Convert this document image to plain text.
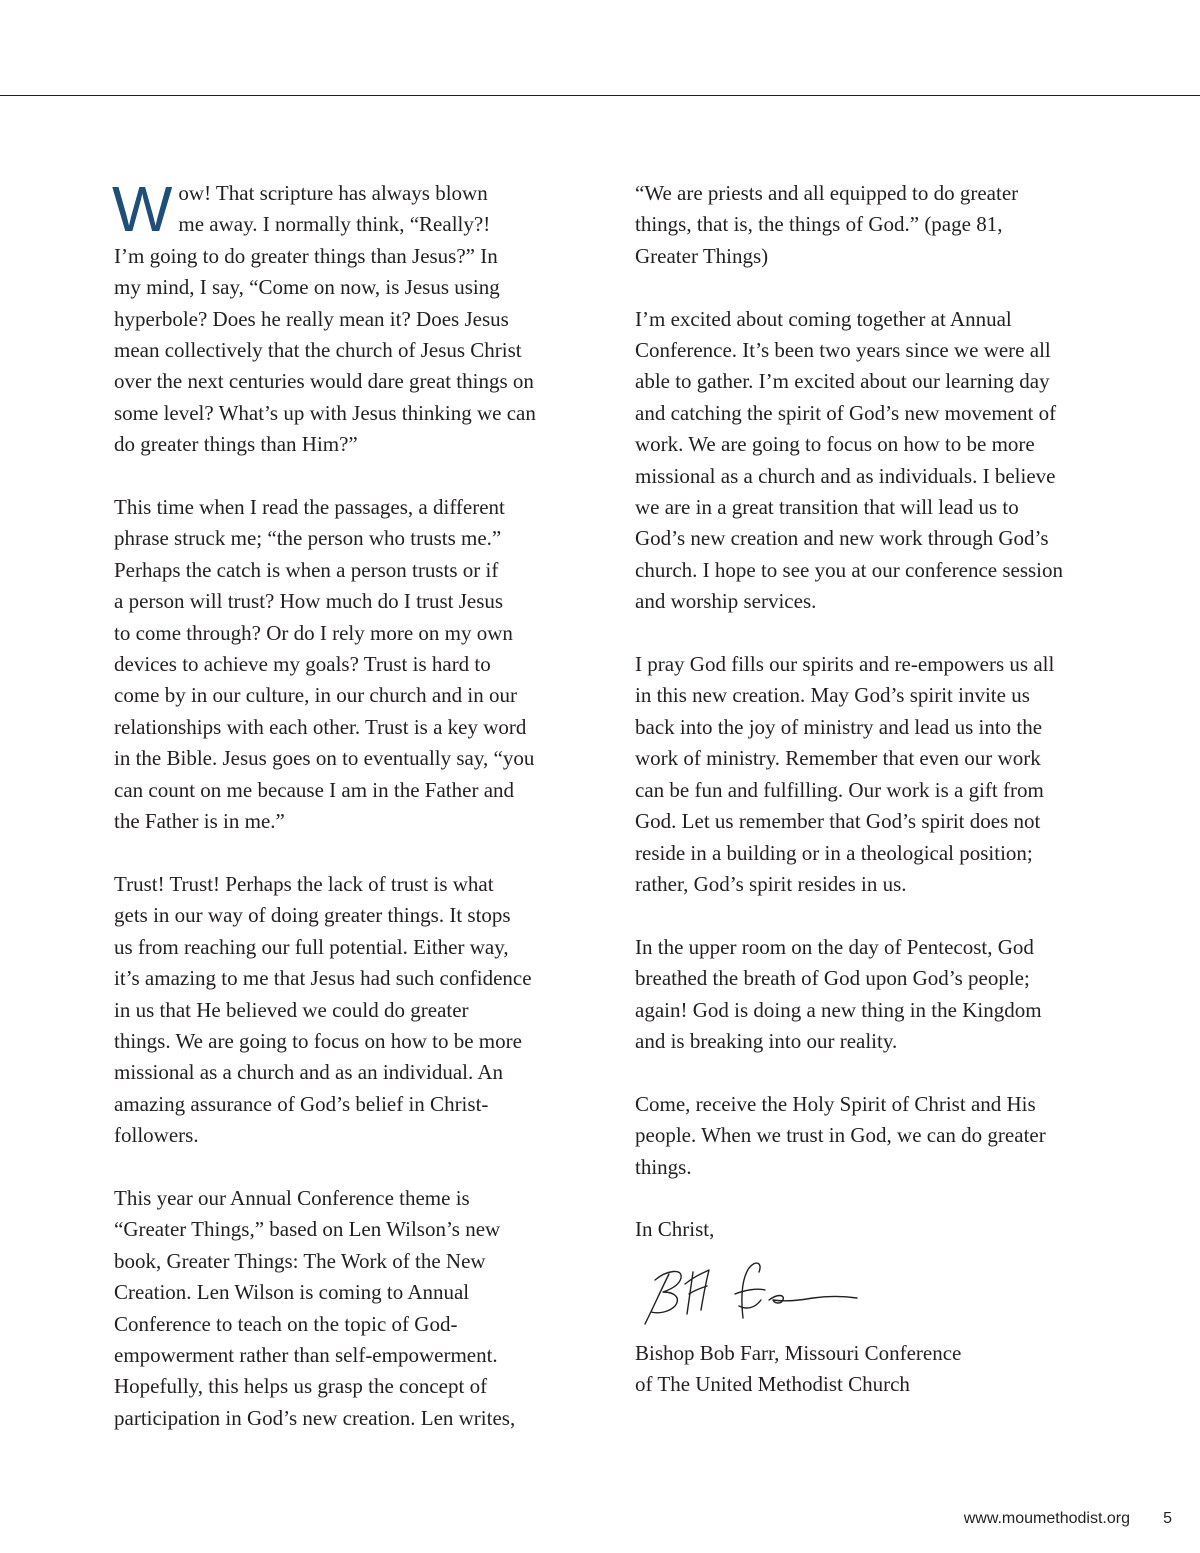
W ow! That scripture has always blown
me away. I normally think, “Really?!
I’m going to do greater things than Jesus?” In
my mind, I say, “Come on now, is Jesus using
hyperbole? Does he really mean it? Does Jesus
mean collectively that the church of Jesus Christ
over the next centuries would dare great things on
some level? What’s up with Jesus thinking we can
do greater things than Him?”

This time when I read the passages, a different
phrase struck me; “the person who trusts me.”
Perhaps the catch is when a person trusts or if
a person will trust? How much do I trust Jesus
to come through? Or do I rely more on my own
devices to achieve my goals? Trust is hard to
come by in our culture, in our church and in our
relationships with each other. Trust is a key word
in the Bible. Jesus goes on to eventually say, “you
can count on me because I am in the Father and
the Father is in me.”

Trust! Trust! Perhaps the lack of trust is what
gets in our way of doing greater things. It stops
us from reaching our full potential. Either way,
it’s amazing to me that Jesus had such confidence
in us that He believed we could do greater
things. We are going to focus on how to be more
missional as a church and as an individual. An
amazing assurance of God’s belief in Christ-
followers.

This year our Annual Conference theme is
“Greater Things,” based on Len Wilson’s new
book, Greater Things: The Work of the New
Creation. Len Wilson is coming to Annual
Conference to teach on the topic of God-
empowerment rather than self-empowerment.
Hopefully, this helps us grasp the concept of
participation in God’s new creation. Len writes,

“We are priests and all equipped to do greater
things, that is, the things of God.” (page 81,
Greater Things)

I’m excited about coming together at Annual
Conference. It’s been two years since we were all
able to gather. I’m excited about our learning day
and catching the spirit of God’s new movement of
work. We are going to focus on how to be more
missional as a church and as individuals. I believe
we are in a great transition that will lead us to
God’s new creation and new work through God’s
church. I hope to see you at our conference session
and worship services.

I pray God fills our spirits and re-empowers us all
in this new creation. May God’s spirit invite us
back into the joy of ministry and lead us into the
work of ministry. Remember that even our work
can be fun and fulfilling. Our work is a gift from
God. Let us remember that God’s spirit does not
reside in a building or in a theological position;
rather, God’s spirit resides in us.

In the upper room on the day of Pentecost, God
breathed the breath of God upon God’s people;
again! God is doing a new thing in the Kingdom
and is breaking into our reality.

Come, receive the Holy Spirit of Christ and His
people. When we trust in God, we can do greater
things.

In Christ,

Bishop Bob Farr, Missouri Conference
of The United Methodist Church

www.moumethodist.org 5
